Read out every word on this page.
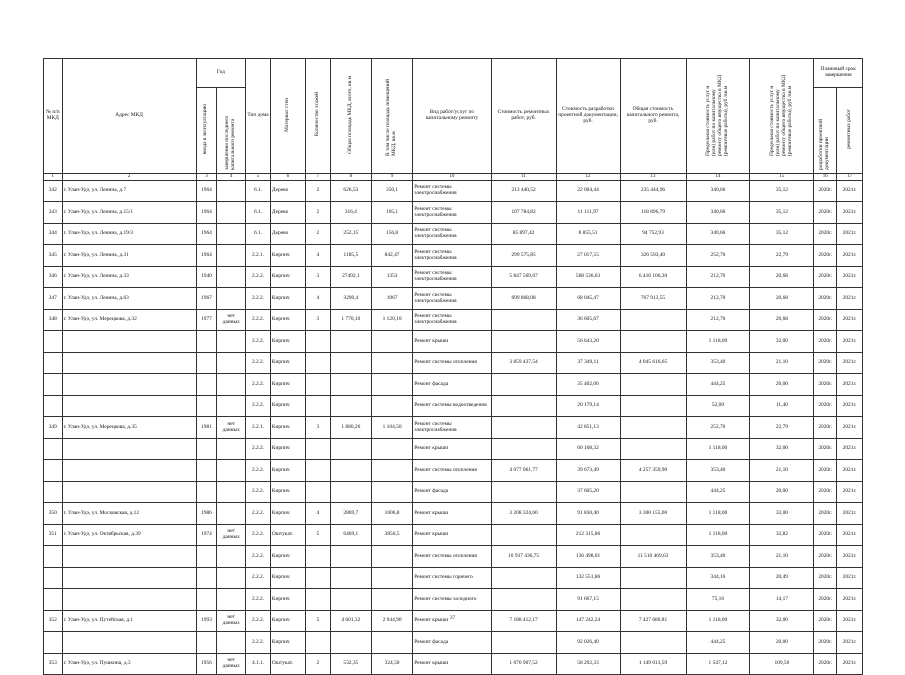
№ п/п МКД	Адрес МКД	Год		Тип дома	Материал стен	Количество этажей	Общая площадь МКД, всего, кв.м	В том числе площадь помещений МКД, кв.м	Вид работ/услуг по капитальному ремонту	Стоимость ремонтных работ, руб.	Стоимость разработки проектной документации, руб.	Общая стоимость капитального ремонта, руб.	Предельная стоимость услуг и (или) работ по капитальному ремонту общего имущества в МКД (ремонтные работы), руб./кв.м	Предельная стоимость услуг и (или) работ по капитальному ремонту общего имущества в МКД (ремонтные работы), руб./кв.м	Плановый срок завершения	
		ввода в эксплуатацию	завершения последнего капитального ремонта												разработки проектной документации	ремонтных работ
1	2	3	4	5	6	7	8	9	10	11	12	13	14	15	16	17
342	г. Улан-Удэ, ул. Ленина, д.7	1964		6.1.	Дерево	2	626,53	350,1	Ремонт системы электроснабжения	213 440,52	22 004,44	235 444,96	340,66	35,12	2020г.	2021г.
343	г. Улан-Удэ, ул. Ленина, д.15/1	1964		6.1.	Дерево	2	316,4	105,1	Ремонт системы электроснабжения	107 784,82	11 111,97	118 896,79	340,66	35,12	2020г.	2021г.
344	г. Улан-Удэ, ул. Ленина, д.19/3	1964		6.1.	Дерево	2	252,15	156,8	Ремонт системы электроснабжения	85 897,42	8 855,51	94 752,93	340,66	35,12	2020г.	2021г.
345	г. Улан-Удэ, ул. Ленина, д.31	1964		2.2.1.	Кирпич	4	1185,5	842,47	Ремонт системы электроснабжения	299 575,85	27 017,55	326 593,40	252,70	22,79	2020г.	2021г.
346	г. Улан-Удэ, ул. Ленина, д.33	1940		2.2.2.	Кирпич	3	27492,1	1353	Ремонт системы электроснабжения	5 847 569,67	568 536,63	6 416 106,30	212,70	20,68	2020г.	2021г.
347	г. Улан-Удэ, ул. Ленина, д.63	1967		2.2.2.	Кирпич	4	3290,4	1967	Ремонт системы электроснабжения	699 868,08	68 045,47	767 913,55	212,70	20,68	2020г.	2021г.
348	г. Улан-Удэ, ул. Мерецкова, д.32	1977	нет данных	2.2.2.	Кирпич	3	1 770,10	1 120,10	Ремонт системы электроснабжения		36 605,67		212,70	20,68	2020г.	2021г.
				2.2.2.	Кирпич				Ремонт крыши		56 643,20		1 118,00	32,00	2020г.	2021г.
				2.2.2.	Кирпич				Ремонт системы отопления	3 859 437,54	37 349,11	4 045 616,65	353,40	21,10	2020г.	2021г.
				2.2.2.	Кирпич				Ремонт фасада		35 402,00		444,25	20,00	2020г.	2021г.
				2.2.2.	Кирпич				Ремонт системы водоотведения		20 179,14		52,00	11,40	2020г.	2021г.
349	г. Улан-Удэ, ул. Мерецкова, д.35	1981	нет данных	2.2.1.	Кирпич	3	1 880,26	1 104,50	Ремонт системы электроснабжения		42 851,13		252,70	22,79	2020г.	2021г.
				2.2.2.	Кирпич				Ремонт крыши		60 168,32		1 118,00	32,00	2020г.	2021г.
				2.2.2.	Кирпич				Ремонт системы отопления	4 077 061,77	39 673,49	4 257 359,90	353,40	21,10	2020г.	2021г.
				2.2.2.	Кирпич				Ремонт фасада		37 605,20		444,25	20,00	2020г.	2021г.
350	г. Улан-Удэ, ул. Московская, д.12	1986		2.2.2.	Кирпич	4	2869,7	1606,8	Ремонт крыши	3 208 324,60	91 830,40	3 300 155,00	1 118,00	32,00	2020г.	2021г.
351	г. Улан-Удэ, ул. Октябрьская, д.39	1974	нет данных	2.2.2.	Оштукат.	5	6469,1	3856,5	Ремонт крыши		212 315,86		1 118,00	32,82	2020г.	2021г.
				2.2.2.	Кирпич				Ремонт системы отопления	10 937 436,75	136 498,01	11 510 469,63	353,40	21,10	2020г.	2021г.
				2.2.2.	Кирпич				Ремонт системы горячего		132 551,86		344,16	20,49	2020г.	2021г.
				2.2.2.	Кирпич				Ремонт системы холодного		91 667,15		75,16	14,17	2020г.	2021г.
352	г. Улан-Удэ, ул. Путейская, д.1	1993	нет данных	2.2.2.	Кирпич	5	4 601,32	2 944,90	Ремонт крыши	7 188 412,17	147 242,24	7 427 680,81	1 118,00	32,00	2020г.	2021г.
				2.2.2.	Кирпич				Ремонт фасада		92 026,40		444,25	20,00	2020г.	2021г.
353	г. Улан-Удэ, ул. Пушкина, д.3	1956	нет данных	4.1.1.	Оштукат.	2	532,35	324,50	Ремонт крыши	1 076 907,52	58 292,33	1 149 013,59	1 547,12	109,50	2020г.	2021г.
37
